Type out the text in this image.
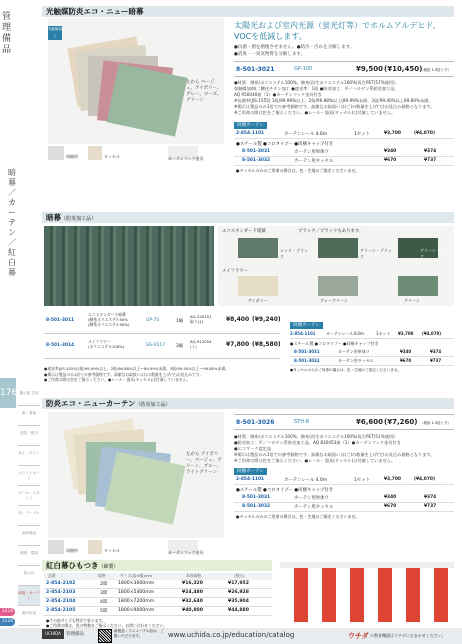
管理備品
暗幕／カーテン／紅白幕
176 掲示板 告知
旗・看板
面談・相手
卓上・ポスト
ホワイトボード
ポール・スタンド
机・テーブル
表彰備品
照明・電源
展示台
暗幕・カーテン
案内用品
1216
1116
光触媒防炎エコ・ニュー暗幕
光触媒加工
左から ベージュ、アイボリー、グレー、ローズ、グリーン
同梱材	タッセル	カーテンフック金具
太陽光および室内光源（蛍光灯等）でホルムアルデヒド、VOCを低減します。
●抗菌・菌を増殖させません。●防汚・汚れを分解します。
●消臭・一臭気物質を分解します。
8-501-3021	GP-100	¥9,500 (¥10,450)
（税抜 1.5倍とす）
●材質：綿糸/ポリエステル100%、綿糸(再生ポリエステル100%(再生PET)57%使用)、
加触媒加剤(二酸化チタン加工 ●遮光率：1級 ●防炎加工：平／ハロゲン系防炎加工品、
AQ 950040屋（1）●カーテンフック金具付き
※抗菌率(JIS:1555) 1級/99.99%以上、2級/96.88%以上(89.99%未満、3級/99.40%以上89.80%未満。
※掲示は製品のみ1倍での参考価格です。高額なお取扱いは(ご)の数量を上げ(で)お見込み価格となります。
※ご用命の際は色をご指示ください。●レール・器具(タッセル)は付属していません。
同梱カーテン
2-854-1101	カーテンレール 4.0m	1セット	¥3,700	(¥4,070)
●スチール製 ●コロタイプー ●同梱キャップ付き
8-501-3031	カーテン用単体ワ	¥340	¥374
8-501-3032	カーテン用タッセル	¥670	¥737
●タッセルのみのご用命の場合は、色・生地のご指定くださいませ。
暗幕（防炎加工品）
エコスタンダード暗幕	ブラック／ブラックもあります。
レッド・ブラック
グリーン・ブラック
グリーン・ブラック
メイフラワー
アイボリー	グレーグリーン	グリーン
8-501-3011
エコスタンダード暗幕
(綿糸ポリエステル50%
(綿系ポリエステル50%)
GP-70	1級
AQ-220151
取り(1)	¥8,400 (¥9,240)
8-501-3014
メイフラワー
(ポリエステル100%)	SG-0117	3級
AQ-912054
(イ)	¥7,800 (¥8,580)
●遮光率(JIS:1055)1級/99.99%以上、2級/96.88%以上〜89.99%未満、3級/99.40%以上〜99.80%未満。
●掲示は製品のみ1倍での参考価格です。高額なお取扱い(は)の数量を上げ(で)お見込みです。
●ご用命の際は色をご指示ください。●レール・器具(タッセル)は付属していません。
同梱カーテン
2-854-1101	カーテンレール4.0m	1セット ¥3,700 (¥4,070)
●スチール製 ●コロタイプー ●同梱キャップ付き
8-501-3031	カーテン用単体ワ	¥340	¥374
8-501-3032	カーテン用タッセル	¥670	¥737
●タッセルのみのご用命の場合は、色・生地のご指定くださいませ。
防炎エコ・ニューカーテン（防炎加工品）
左から アイボリー、ベージュ、グリーン、ブルー、ライトグリーン
同梱材	タッセル	カーテンフック金具
8-501-3026	STH-8	¥6,600 (¥7,260) （税抜 1.5倍とす）
●材質：綿糸/ポリエステル100%、綿糸(再生ポリエステル100%(再生PET)51%使用)
●防炎加工：平／ハロゲン系防炎加工品、AQ 830453屋（1）●カーテンフック金具付き
●エコマーク認定品
※掲示は製品のみ1倍での参考価格です。高額なお取扱いは(ご)の数量を上げ(で)お見込み価格となります。
※ご用命の際は色をご指示ください。●レール・器具(タッセル)は付属していません。
同梱カーテン
2-854-1101	カーテンレール 4.0m	1セット	¥3,700	(¥4,070)
●スチール製 ●コロタイプー ●同梱キャップ付き
8-501-3031	カーテン用単体ワ	¥340	¥374
8-501-3032	カーテン用タッセル	¥670	¥737
●タッセルのみのご用命の場合は、色・生地のご指定くださいませ。
紅白幕ひもつき（綿製）
品番	規格	サイズ(高×幅)mm	本体価格	(税込)
2-854-2102	2間 1800×3600mm	¥16,320	¥17,952
2-854-2103	3間 1800×5400mm	¥24,480	¥26,928
2-854-2104	4間 1800×7200mm	¥32,640	¥35,904
2-854-2105	5間 1800×9000mm	¥40,800	¥44,880
●その他サイズも特注で承ります。
●ご用命の際は、色の特数をご指示ください。お問い合わせください。
UCHIDA	管理備品
新製品・リニューアル品は、ご覧いただけます。	www.uchida.co.jp/education/catalog	ウチダ の教育機器はウチダにおまかせください。
